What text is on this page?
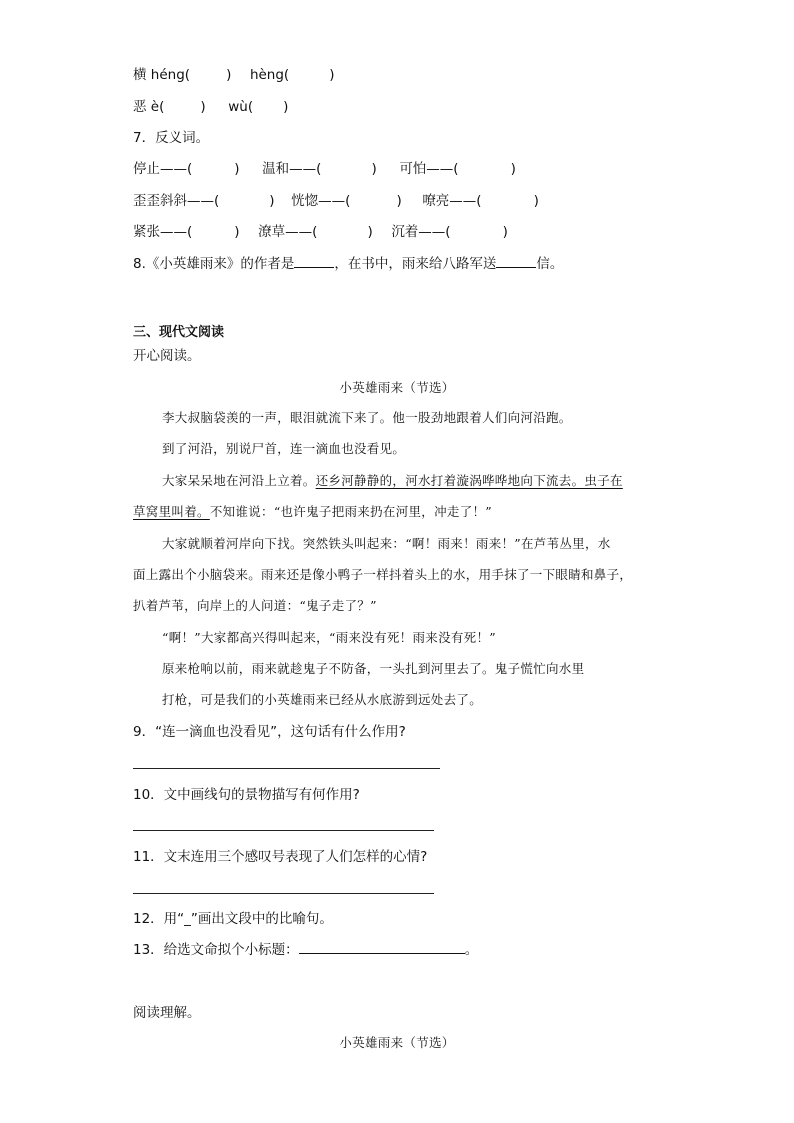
横 héng(	) hèng(	)
恶 è(	) wù( )
7．反义词。
停止——(	) 温和——(	) 可怕——(	)
歪歪斜斜——(	) 恍惚——(	) 嘹亮——(	)
紧张——(	) 潦草——(	) 沉着——(	)
8.《小英雄雨来》的作者是	，在书中，雨来给八路军送	信。
三、现代文阅读
开心阅读。
小英雄雨来（节选）
李大叔脑袋羡的一声，眼泪就流下来了。他一股劲地跟着人们向河沿跑。
到了河沿，别说尸首，连一滴血也没看见。
大家呆呆地在河沿上立着。还乡河静静的，河水打着漩涡哗哗地向下流去。虫子在
草窝里叫着。不知谁说：“也许鬼子把雨来扔在河里，冲走了！”
大家就顺着河岸向下找。突然铁头叫起来：“啊！雨来！雨来！”在芦苇丛里，水
面上露出个小脑袋来。雨来还是像小鸭子一样抖着头上的水，用手抹了一下眼睛和鼻子，
扒着芦苇，向岸上的人问道：“鬼子走了？”
“啊！”大家都高兴得叫起来，“雨来没有死！雨来没有死！”
原来枪响以前，雨来就趁鬼子不防备，一头扎到河里去了。鬼子慌忙向水里
打枪，可是我们的小英雄雨来已经从水底游到远处去了。
9．“连一滴血也没看见”，这句话有什么作用?
10．文中画线句的景物描写有何作用?
11．文末连用三个感叹号表现了人们怎样的心情?
12．用“_”画出文段中的比喻句。
13．给选文命拟个小标题：	。
阅读理解。
小英雄雨来（节选）
